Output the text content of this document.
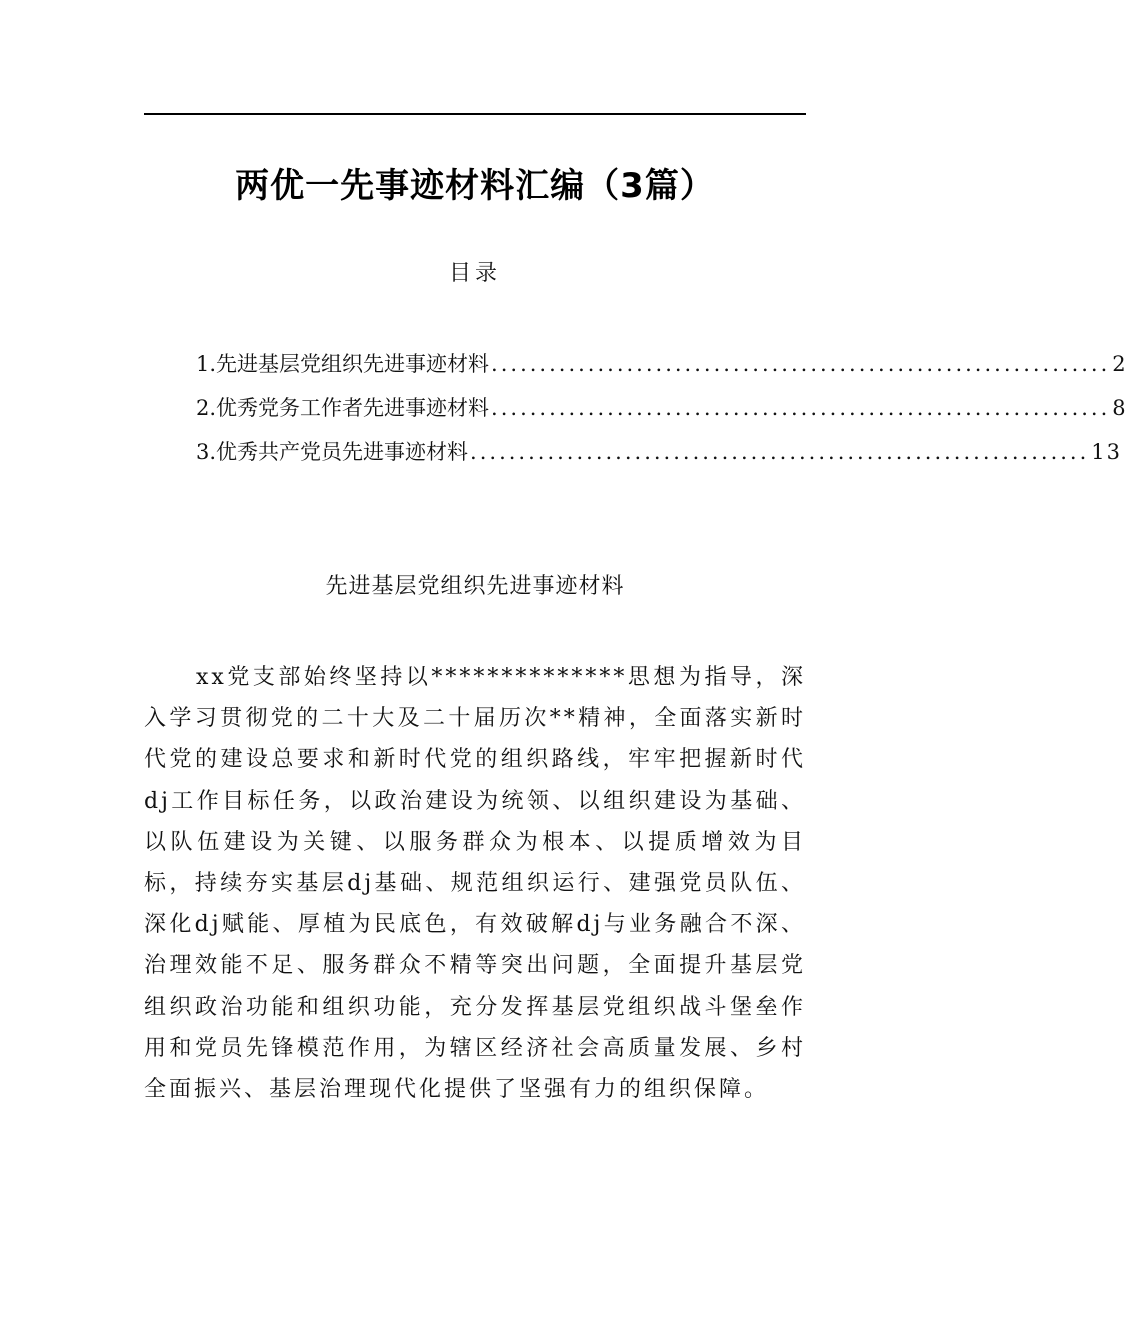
两优一先事迹材料汇编（3篇）
目录
1.先进基层党组织先进事迹材料 ................................................................ 2
2.优秀党务工作者先进事迹材料 ................................................................ 8
3.优秀共产党员先进事迹材料 ................................................................ 13
先进基层党组织先进事迹材料

xx党支部始终坚持以**************思想为指导，深入学习贯彻党的二十大及二十届历次**精神，全面落实新时代党的建设总要求和新时代党的组织路线，牢牢把握新时代dj工作目标任务，以政治建设为统领、以组织建设为基础、以队伍建设为关键、以服务群众为根本、以提质增效为目标，持续夯实基层dj基础、规范组织运行、建强党员队伍、深化dj赋能、厚植为民底色，有效破解dj与业务融合不深、治理效能不足、服务群众不精等突出问题，全面提升基层党组织政治功能和组织功能，充分发挥基层党组织战斗堡垒作用和党员先锋模范作用，为辖区经济社会高质量发展、乡村全面振兴、基层治理现代化提供了坚强有力的组织保障。
